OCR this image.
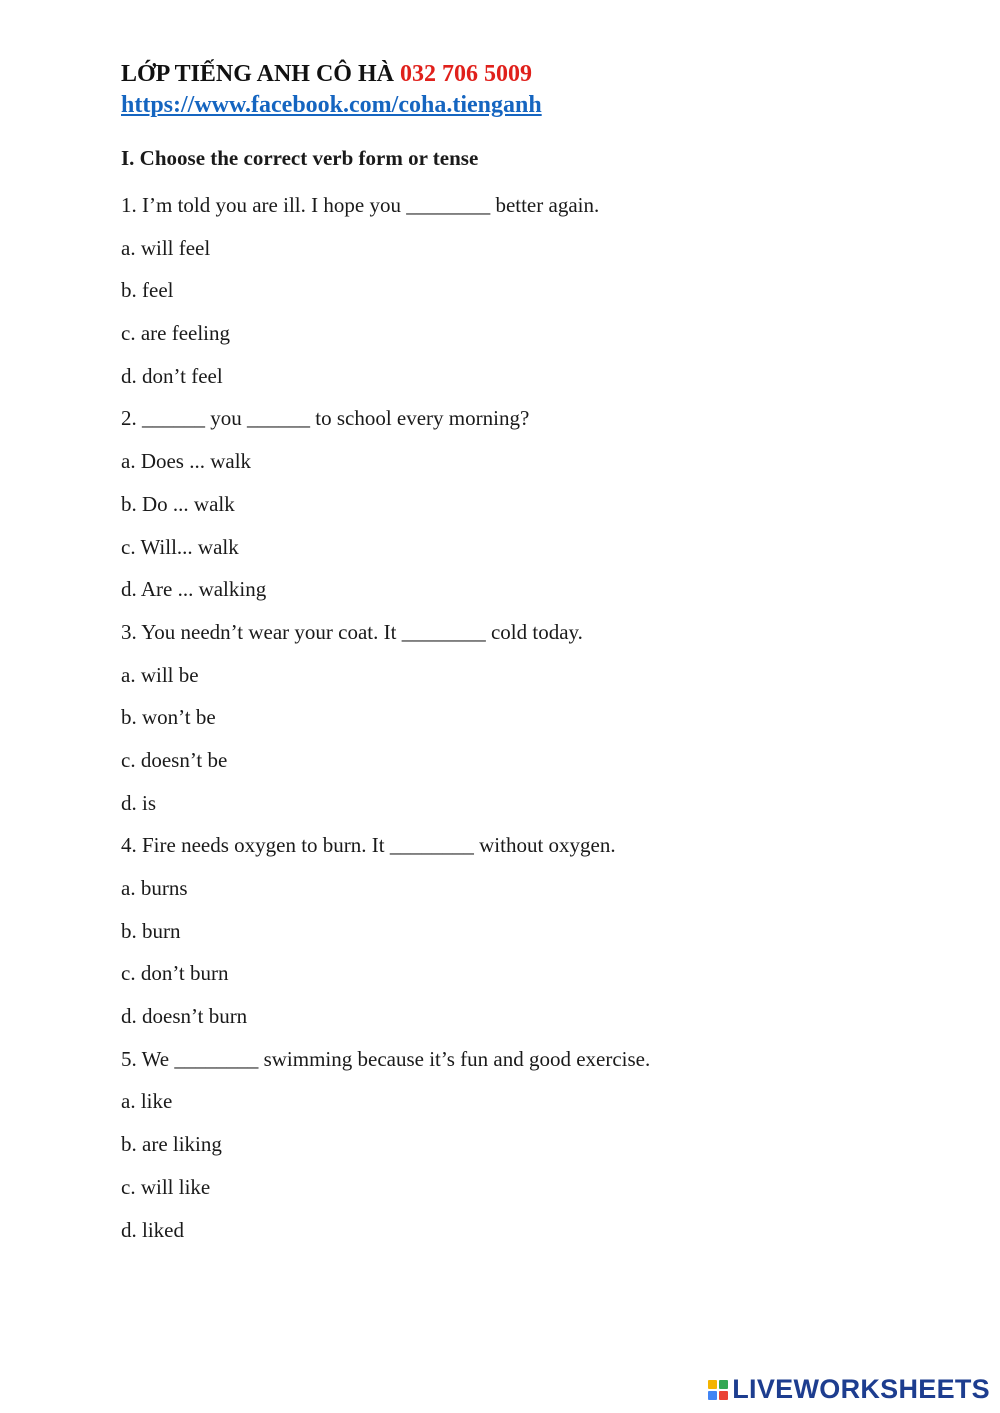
LỚP TIẾNG ANH CÔ HÀ 032 706 5009
https://www.facebook.com/coha.tienganh
I. Choose the correct verb form or tense
1. I’m told you are ill. I hope you ________ better again.
a. will feel
b. feel
c. are feeling
d. don’t feel
2. ______ you ______ to school every morning?
a. Does ... walk
b. Do ... walk
c. Will... walk
d. Are ... walking
3. You needn’t wear your coat. It ________ cold today.
a. will be
b. won’t be
c. doesn’t be
d. is
4. Fire needs oxygen to burn. It ________ without oxygen.
a. burns
b. burn
c. don’t burn
d. doesn’t burn
5. We ________ swimming because it’s fun and good exercise.
a. like
b. are liking
c. will like
d. liked
LIVEWORKSHEETS
